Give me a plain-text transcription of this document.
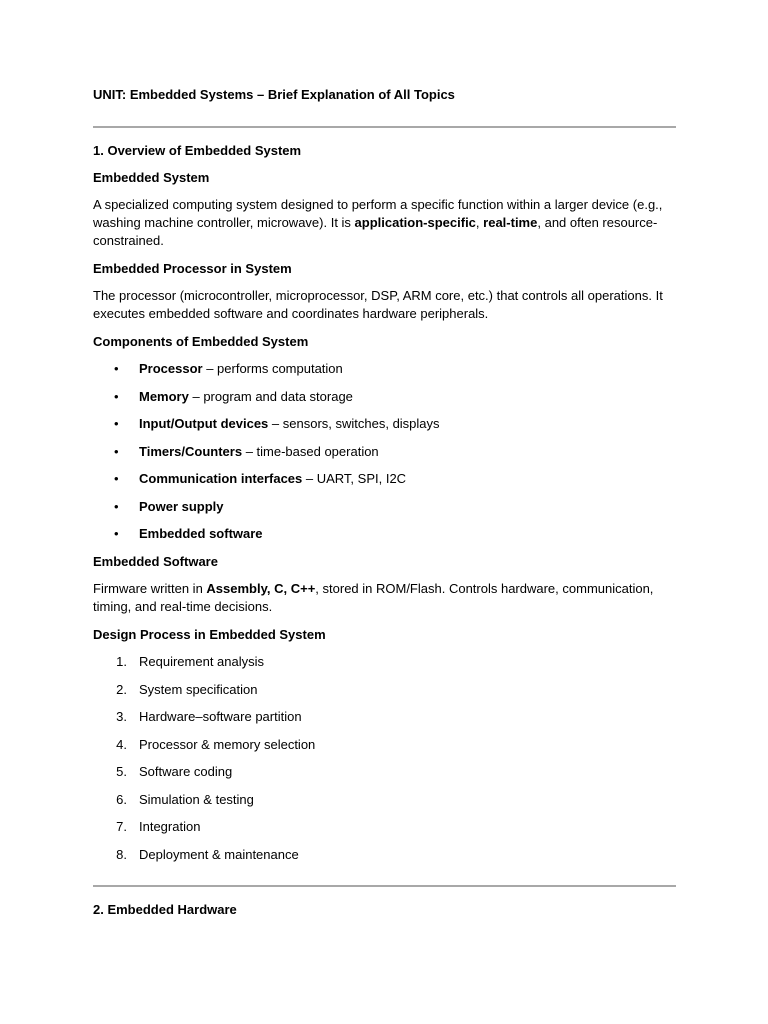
UNIT: Embedded Systems – Brief Explanation of All Topics

1. Overview of Embedded System

Embedded System

A specialized computing system designed to perform a specific function within a larger device (e.g., washing machine controller, microwave). It is application-specific, real-time, and often resource-constrained.

Embedded Processor in System

The processor (microcontroller, microprocessor, DSP, ARM core, etc.) that controls all operations. It executes embedded software and coordinates hardware peripherals.

Components of Embedded System

• Processor – performs computation
• Memory – program and data storage
• Input/Output devices – sensors, switches, displays
• Timers/Counters – time-based operation
• Communication interfaces – UART, SPI, I2C
• Power supply
• Embedded software

Embedded Software

Firmware written in Assembly, C, C++, stored in ROM/Flash. Controls hardware, communication, timing, and real-time decisions.

Design Process in Embedded System

1. Requirement analysis
2. System specification
3. Hardware–software partition
4. Processor & memory selection
5. Software coding
6. Simulation & testing
7. Integration
8. Deployment & maintenance

2. Embedded Hardware
